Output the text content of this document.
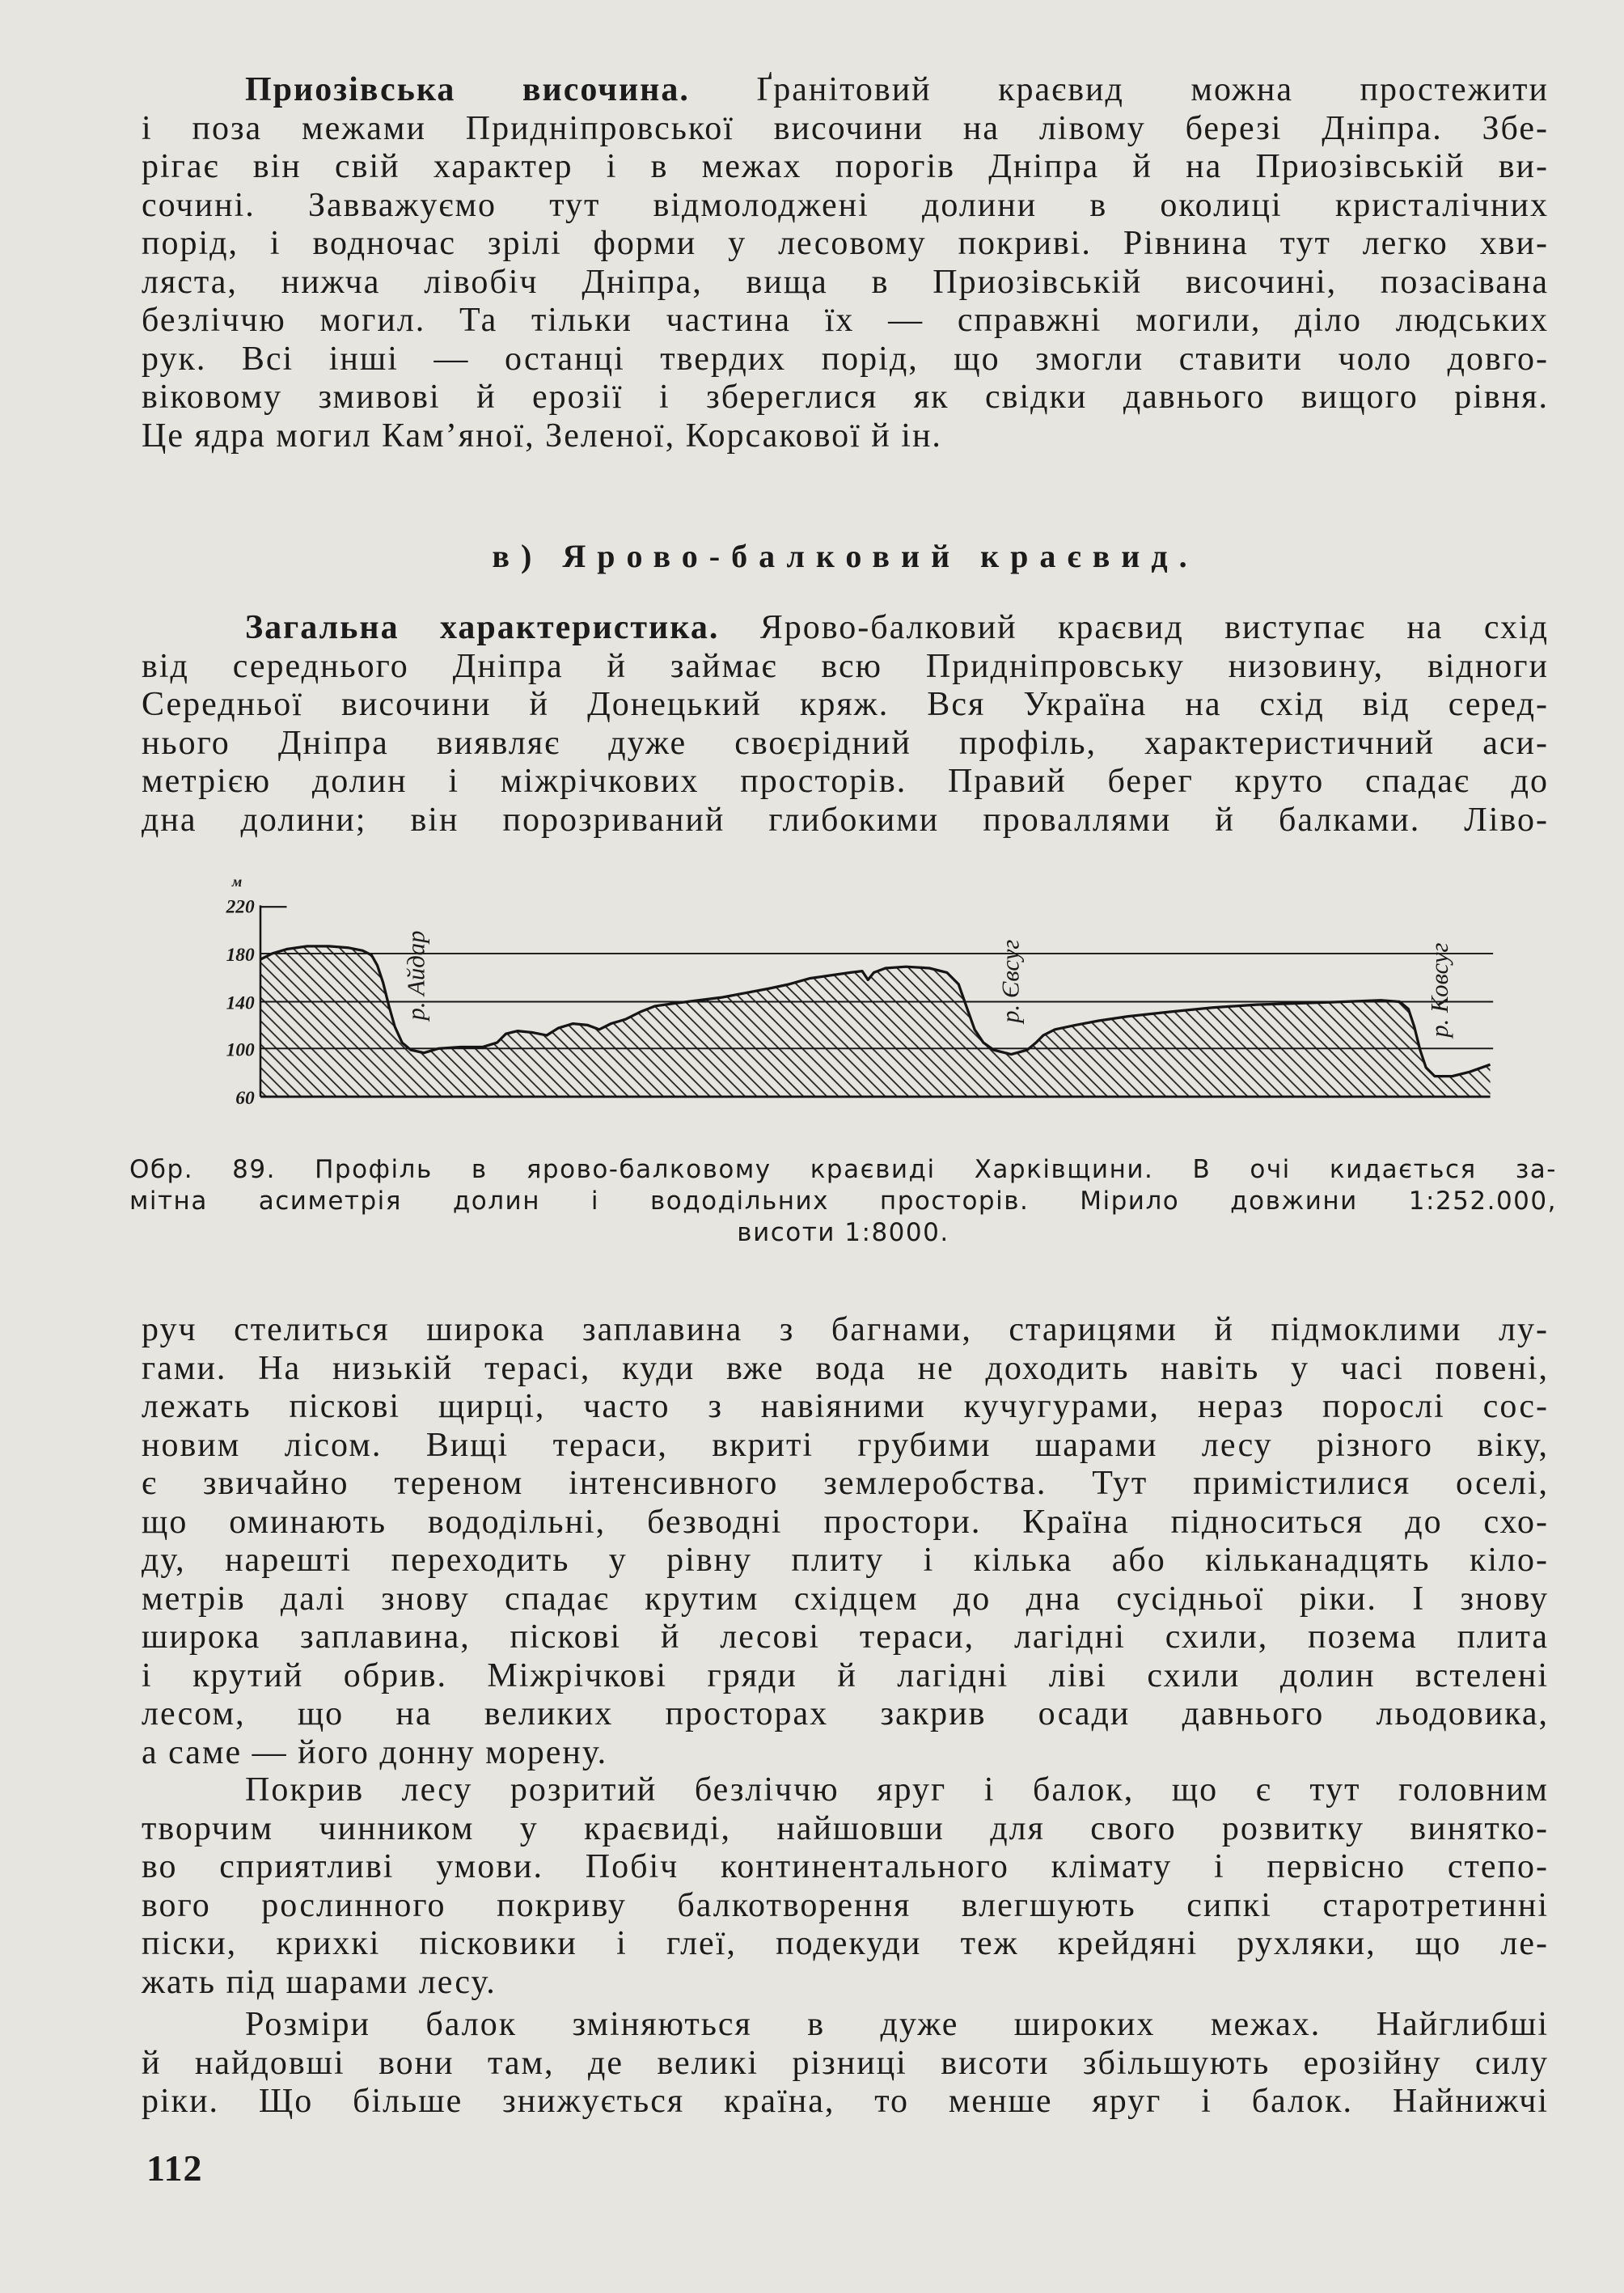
Приозівська височина. Ґранітовий краєвид можна простежити
і поза межами Придніпровської височини на лівому березі Дніпра. Збе-
рігає він свій характер і в межах порогів Дніпра й на Приозівській ви-
сочині. Завважуємо тут відмолоджені долини в околиці кристалічних
порід, і водночас зрілі форми у лесовому покриві. Рівнина тут легко хви-
ляста, нижча лівобіч Дніпра, вища в Приозівській височині, позасівана
безліччю могил. Та тільки частина їх — справжні могили, діло людських
рук. Всі інші — останці твердих порід, що змогли ставити чоло довго-
віковому змивові й ерозії і збереглися як свідки давнього вищого рівня.
Це ядра могил Кам’яної, Зеленої, Корсакової й ін.
в) Ярово-балковий краєвид.
Загальна характеристика. Ярово-балковий краєвид виступає на схід
від середнього Дніпра й займає всю Придніпровську низовину, відноги
Середньої височини й Донецький кряж. Вся Україна на схід від серед-
нього Дніпра виявляє дуже своєрідний профіль, характеристичний аси-
метрією долин і міжрічкових просторів. Правий берег круто спадає до
дна долини; він порозриваний глибокими проваллями й балками. Ліво-
м
220
180
140
100
60
р. Айдар	р. Євсуг	р. Ковсуг
Обр. 89. Профіль в ярово-балковому краєвиді Харківщини. В очі кидається за-
мітна асиметрія долин і вододільних просторів. Мірило довжини 1:252.000,
висоти 1:8000.
руч стелиться широка заплавина з багнами, старицями й підмоклими лу-
гами. На низькій терасі, куди вже вода не доходить навіть у часі повені,
лежать піскові щирці, часто з навіяними кучугурами, нераз порослі сос-
новим лісом. Вищі тераси, вкриті грубими шарами лесу різного віку,
є звичайно тереном інтенсивного землеробства. Тут примістилися оселі,
що оминають вододільні, безводні простори. Країна підноситься до схо-
ду, нарешті переходить у рівну плиту і кілька або кільканадцять кіло-
метрів далі знову спадає крутим східцем до дна сусідньої ріки. І знову
широка заплавина, піскові й лесові тераси, лагідні схили, позема плита
і крутий обрив. Міжрічкові гряди й лагідні ліві схили долин встелені
лесом, що на великих просторах закрив осади давнього льодовика,
а саме — його донну морену.
Покрив лесу розритий безліччю яруг і балок, що є тут головним
творчим чинником у краєвиді, найшовши для свого розвитку винятко-
во сприятливі умови. Побіч континентального клімату і первісно степо-
вого рослинного покриву балкотворення влегшують сипкі старотретинні
піски, крихкі пісковики і глеї, подекуди теж крейдяні рухляки, що ле-
жать під шарами лесу.
Розміри балок зміняються в дуже широких межах. Найглибші
й найдовші вони там, де великі різниці висоти збільшують ерозійну силу
ріки. Що більше знижується країна, то менше яруг і балок. Найнижчі
112
